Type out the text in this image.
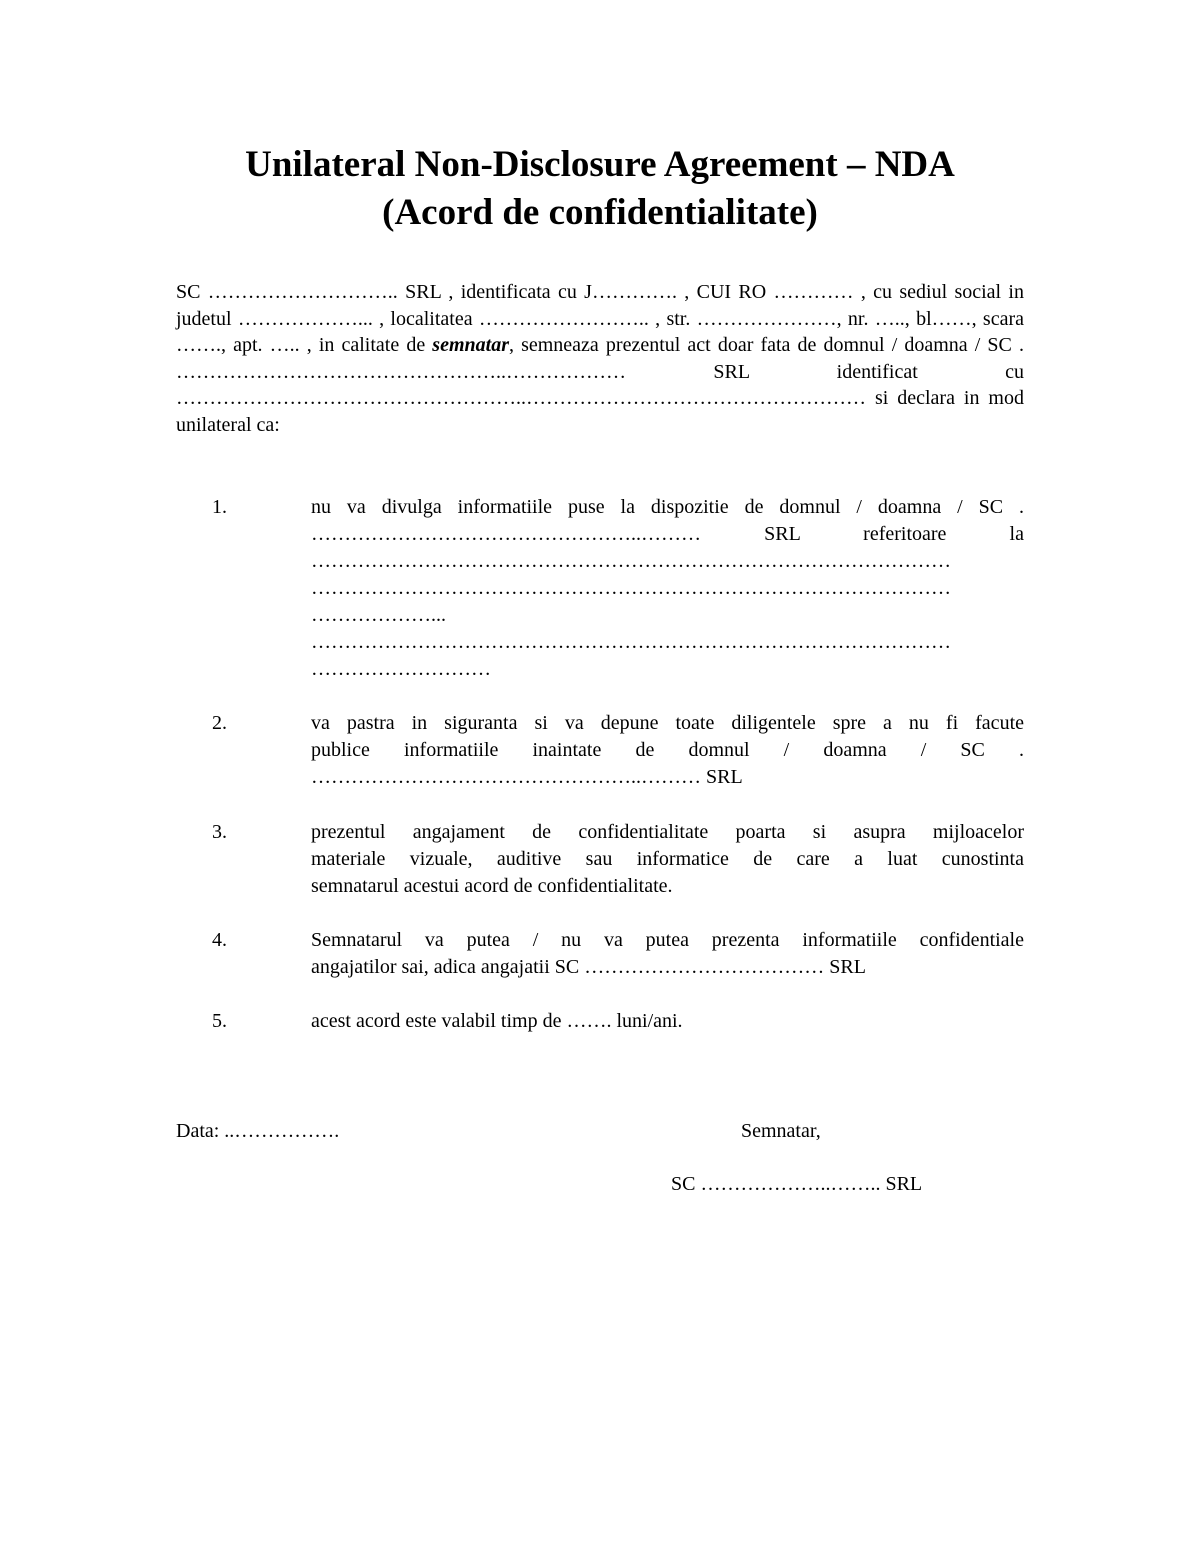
Unilateral Non-Disclosure Agreement – NDA
(Acord de confidentialitate)

SC ……………………….. SRL , identificata cu J…………. , CUI RO ………… , cu sediul social in judetul ………………... , localitatea …………………….. , str. …………………, nr. ….., bl……, scara ……., apt. ….. , in calitate de semnatar, semneaza prezentul act doar fata de domnul / doamna / SC . …………………………………………..……………… SRL identificat cu ……………………………………………..…………………………………………… si declara in mod unilateral ca:

1.	nu va divulga informatiile puse la dispozitie de domnul / doamna / SC .
…………………………………………..……… SRL referitoare la
……………………………………………………………………………………
……………………………………………………………………………………
………………...
……………………………………………………………………………………
………………………
2.	va pastra in siguranta si va depune toate diligentele spre a nu fi facute
publice informatiile inaintate de domnul / doamna / SC .
…………………………………………..……… SRL
3.	prezentul angajament de confidentialitate poarta si asupra mijloacelor
materiale vizuale, auditive sau informatice de care a luat cunostinta
semnatarul acestui acord de confidentialitate.
4.	Semnatarul va putea / nu va putea prezenta informatiile confidentiale
angajatilor sai, adica angajatii SC ……………………………… SRL
5.	acest acord este valabil timp de ……. luni/ani.
Data: ..…………….	Semnatar,
SC ………………..…….. SRL
